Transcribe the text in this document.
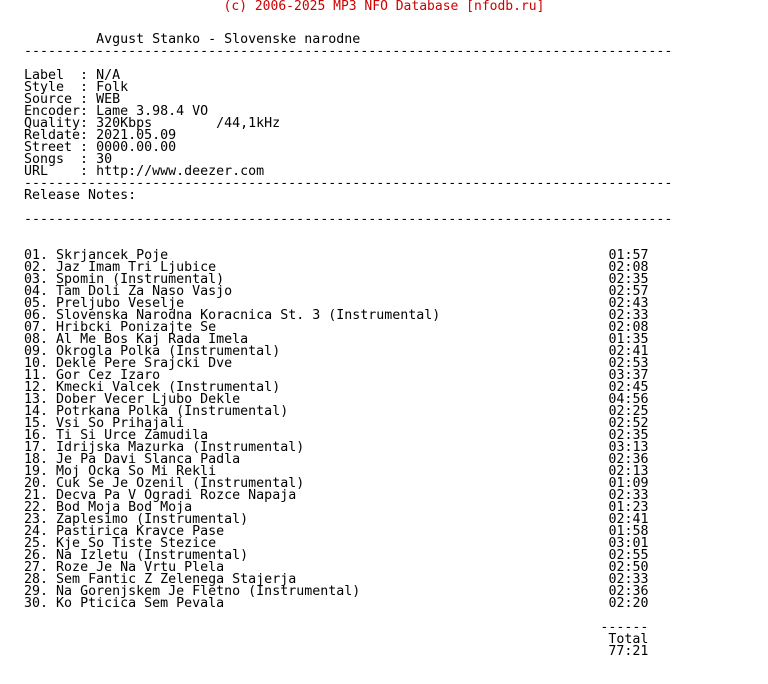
(c) 2006-2025 MP3 NFO Database [nfodb.ru]
Avgust Stanko - Slovenske narodne
---------------------------------------------------------------------------------

Label  : N/A
Style  : Folk
Source : WEB
Encoder: Lame 3.98.4 VO
Quality: 320Kbps        /44,1kHz
Reldate: 2021.05.09
Street : 0000.00.00
Songs  : 30
URL    : http://www.deezer.com
---------------------------------------------------------------------------------
Release Notes:

---------------------------------------------------------------------------------

01. Skrjancek Poje	01:57
02. Jaz Imam Tri Ljubice	02:08
03. Spomin (Instrumental)	02:35
04. Tam Doli Za Naso Vasjo	02:57
05. Preljubo Veselje	02:43
06. Slovenska Narodna Koracnica St. 3 (Instrumental)	02:33
07. Hribcki Ponizajte Se	02:08
08. Al Me Bos Kaj Rada Imela	01:35
09. Okrogla Polka (Instrumental)	02:41
10. Dekle Pere Srajcki Dve	02:53
11. Gor Cez Izaro	03:37
12. Kmecki Valcek (Instrumental)	02:45
13. Dober Vecer Ljubo Dekle	04:56
14. Potrkana Polka (Instrumental)	02:25
15. Vsi So Prihajali	02:52
16. Ti Si Urce Zamudila	02:35
17. Idrijska Mazurka (Instrumental)	03:13
18. Je Pa Davi Slanca Padla	02:36
19. Moj Ocka So Mi Rekli	02:13
20. Cuk Se Je Ozenil (Instrumental)	01:09
21. Decva Pa V Ogradi Rozce Napaja	02:33
22. Bod Moja Bod Moja	01:23
23. Zaplesimo (Instrumental)	02:41
24. Pastirica Kravce Pase	01:58
25. Kje So Tiste Stezice	03:01
26. Na Izletu (Instrumental)	02:55
27. Roze Je Na Vrtu Plela	02:50
28. Sem Fantic Z Zelenega Stajerja	02:33
29. Na Gorenjskem Je Fletno (Instrumental)	02:36
30. Ko Pticica Sem Pevala	02:20

------
Total
77:21
